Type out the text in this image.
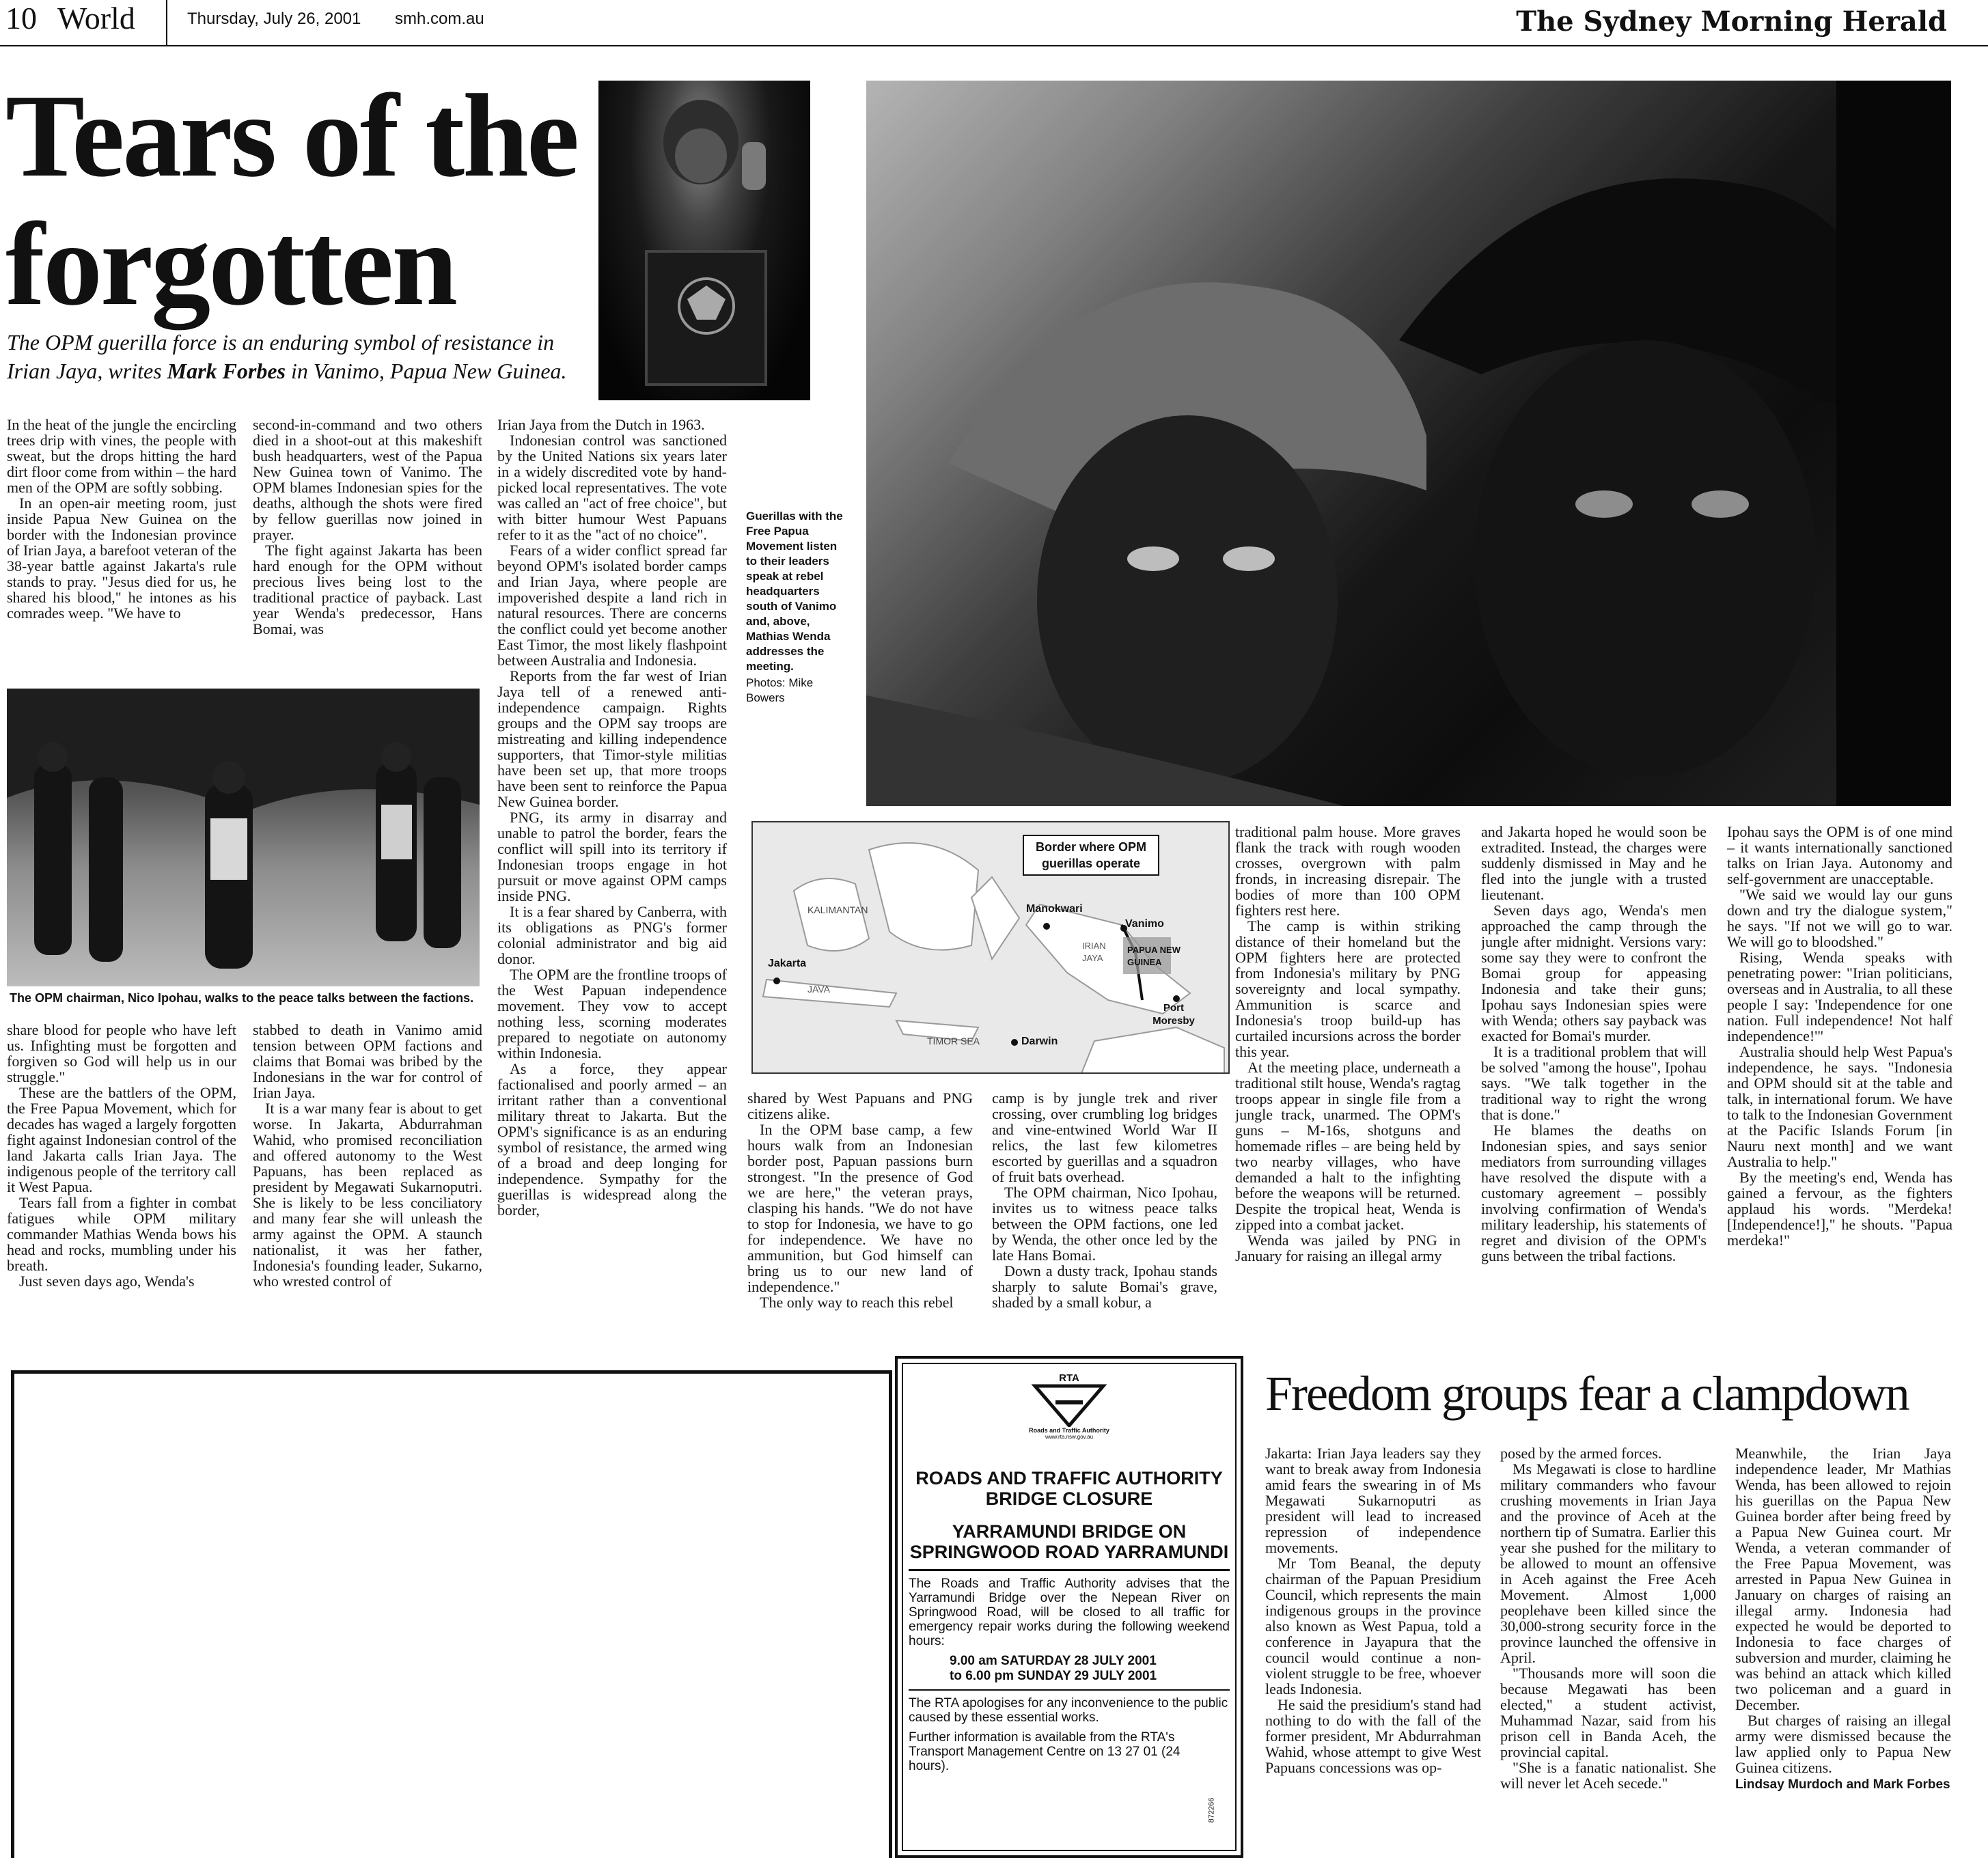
10 World	Thursday, July 26, 2001 smh.com.au	The Sydney Morning Herald
Tears of the
forgotten
The OPM guerilla force is an enduring symbol of resistance in Irian Jaya, writes Mark Forbes in Vanimo, Papua New Guinea.
Guerillas with the Free Papua Movement listen to their leaders speak at rebel headquarters south of Vanimo and, above, Mathias Wenda addresses the meeting.
Photos: Mike Bowers

In the heat of the jungle the encircling trees drip with vines, the people with sweat, but the drops hitting the hard dirt floor come from within – the hard men of the OPM are softly sobbing.

In an open-air meeting room, just inside Papua New Guinea on the border with the Indonesian province of Irian Jaya, a barefoot veteran of the 38-year battle against Jakarta's rule stands to pray. "Jesus died for us, he shared his blood," he intones as his comrades weep. "We have to

second-in-command and two others died in a shoot-out at this makeshift bush headquarters, west of the Papua New Guinea town of Vanimo. The OPM blames Indonesian spies for the deaths, although the shots were fired by fellow guerillas now joined in prayer.

The fight against Jakarta has been hard enough for the OPM without precious lives being lost to the traditional practice of payback. Last year Wenda's predecessor, Hans Bomai, was

Irian Jaya from the Dutch in 1963.

Indonesian control was sanctioned by the United Nations six years later in a widely discredited vote by hand-picked local representatives. The vote was called an "act of free choice", but with bitter humour West Papuans refer to it as the "act of no choice".

Fears of a wider conflict spread far beyond OPM's isolated border camps and Irian Jaya, where people are impoverished despite a land rich in natural resources. There are concerns the conflict could yet become another East Timor, the most likely flashpoint between Australia and Indonesia.

Reports from the far west of Irian Jaya tell of a renewed anti-independence campaign. Rights groups and the OPM say troops are mistreating and killing independence supporters, that Timor-style militias have been set up, that more troops have been sent to reinforce the Papua New Guinea border.

PNG, its army in disarray and unable to patrol the border, fears the conflict will spill into its territory if Indonesian troops engage in hot pursuit or move against OPM camps inside PNG.

It is a fear shared by Canberra, with its obligations as PNG's former colonial administrator and big aid donor.

The OPM are the frontline troops of the West Papuan independence movement. They vow to accept nothing less, scorning moderates prepared to negotiate on autonomy within Indonesia.

As a force, they appear factionalised and poorly armed – an irritant rather than a conventional military threat to Jakarta. But the OPM's significance is as an enduring symbol of resistance, the armed wing of a broad and deep longing for independence. Sympathy for the guerillas is widespread along the border,

The OPM chairman, Nico Ipohau, walks to the peace talks between the factions.

share blood for people who have left us. Infighting must be forgotten and forgiven so God will help us in our struggle."

These are the battlers of the OPM, the Free Papua Movement, which for decades has waged a largely forgotten fight against Indonesian control of the land Jakarta calls Irian Jaya. The indigenous people of the territory call it West Papua.

Tears fall from a fighter in combat fatigues while OPM military commander Mathias Wenda bows his head and rocks, mumbling under his breath.

Just seven days ago, Wenda's

stabbed to death in Vanimo amid tension between OPM factions and claims that Bomai was bribed by the Indonesians in the war for control of Irian Jaya.

It is a war many fear is about to get worse. In Jakarta, Abdurrahman Wahid, who promised reconciliation and offered autonomy to the West Papuans, has been replaced as president by Megawati Sukarnoputri. She is likely to be less conciliatory and many fear she will unleash the army against the OPM. A staunch nationalist, it was her father, Indonesia's founding leader, Sukarno, who wrested control of

Border where OPM guerillas operate
KALIMANTAN
Jakarta
JAVA
TIMOR SEA	Darwin
Manokwari
Vanimo
IRIAN JAYA
PAPUA NEW GUINEA
Port Moresby

shared by West Papuans and PNG citizens alike.

In the OPM base camp, a few hours walk from an Indonesian border post, Papuan passions burn strongest. "In the presence of God we are here," the veteran prays, clasping his hands. "We do not have to stop for Indonesia, we have to go for independence. We have no ammunition, but God himself can bring us to our new land of independence."

The only way to reach this rebel

camp is by jungle trek and river crossing, over crumbling log bridges and vine-entwined World War II relics, the last few kilometres escorted by guerillas and a squadron of fruit bats overhead.

The OPM chairman, Nico Ipohau, invites us to witness peace talks between the OPM factions, one led by Wenda, the other once led by the late Hans Bomai.

Down a dusty track, Ipohau stands sharply to salute Bomai's grave, shaded by a small kobur, a

traditional palm house. More graves flank the track with rough wooden crosses, overgrown with palm fronds, in increasing disrepair. The bodies of more than 100 OPM fighters rest here.

The camp is within striking distance of their homeland but the OPM fighters here are protected from Indonesia's military by PNG sovereignty and local sympathy. Ammunition is scarce and Indonesia's troop build-up has curtailed incursions across the border this year.

At the meeting place, underneath a traditional stilt house, Wenda's ragtag troops appear in single file from a jungle track, unarmed. The OPM's guns – M-16s, shotguns and homemade rifles – are being held by two nearby villages, who have demanded a halt to the infighting before the weapons will be returned. Despite the tropical heat, Wenda is zipped into a combat jacket.

Wenda was jailed by PNG in January for raising an illegal army

and Jakarta hoped he would soon be extradited. Instead, the charges were suddenly dismissed in May and he fled into the jungle with a trusted lieutenant.

Seven days ago, Wenda's men approached the camp through the jungle after midnight. Versions vary: some say they were to confront the Bomai group for appeasing Indonesia and take their guns; Ipohau says Indonesian spies were with Wenda; others say payback was exacted for Bomai's murder.

It is a traditional problem that will be solved "among the house", Ipohau says. "We talk together in the traditional way to right the wrong that is done."

He blames the deaths on Indonesian spies, and says senior mediators from surrounding villages have resolved the dispute with a customary agreement – possibly involving confirmation of Wenda's military leadership, his statements of regret and division of the OPM's guns between the tribal factions.

Ipohau says the OPM is of one mind – it wants internationally sanctioned talks on Irian Jaya. Autonomy and self-government are unacceptable.

"We said we would lay our guns down and try the dialogue system," he says. "If not we will go to war. We will go to bloodshed."

Rising, Wenda speaks with penetrating power: "Irian politicians, overseas and in Australia, to all these people I say: 'Independence for one nation. Full independence! Not half independence!'"

Australia should help West Papua's independence, he says. "Indonesia and OPM should sit at the table and talk, in international forum. We have to talk to the Indonesian Government at the Pacific Islands Forum [in Nauru next month] and we want Australia to help."

By the meeting's end, Wenda has gained a fervour, as the fighters applaud his words. "Merdeka! [Independence!]," he shouts. "Papua merdeka!"

RTA
Roads and Traffic Authority
www.rta.nsw.gov.au
ROADS AND TRAFFIC AUTHORITY BRIDGE CLOSURE
YARRAMUNDI BRIDGE ON SPRINGWOOD ROAD YARRAMUNDI
The Roads and Traffic Authority advises that the Yarramundi Bridge over the Nepean River on Springwood Road, will be closed to all traffic for emergency repair works during the following weekend hours:
9.00 am SATURDAY 28 JULY 2001
to 6.00 pm SUNDAY 29 JULY 2001
The RTA apologises for any inconvenience to the public caused by these essential works.
Further information is available from the RTA's Transport Management Centre on 13 27 01 (24 hours).
872266
Freedom groups fear a clampdown

Jakarta: Irian Jaya leaders say they want to break away from Indonesia amid fears the swearing in of Ms Megawati Sukarnoputri as president will lead to increased repression of independence movements.

Mr Tom Beanal, the deputy chairman of the Papuan Presidium Council, which represents the main indigenous groups in the province also known as West Papua, told a conference in Jayapura that the council would continue a non-violent struggle to be free, whoever leads Indonesia.

He said the presidium's stand had nothing to do with the fall of the former president, Mr Abdurrahman Wahid, whose attempt to give West Papuans concessions was op-

posed by the armed forces.

Ms Megawati is close to hardline military commanders who favour crushing movements in Irian Jaya and the province of Aceh at the northern tip of Sumatra. Earlier this year she pushed for the military to be allowed to mount an offensive in Aceh against the Free Aceh Movement. Almost 1,000 peoplehave been killed since the 30,000-strong security force in the province launched the offensive in April.

"Thousands more will soon die because Megawati has been elected," a student activist, Muhammad Nazar, said from his prison cell in Banda Aceh, the provincial capital.

"She is a fanatic nationalist. She will never let Aceh secede."

Meanwhile, the Irian Jaya independence leader, Mr Mathias Wenda, has been allowed to rejoin his guerillas on the Papua New Guinea border after being freed by a Papua New Guinea court. Mr Wenda, a veteran commander of the Free Papua Movement, was arrested in Papua New Guinea in January on charges of raising an illegal army. Indonesia had expected he would be deported to Indonesia to face charges of subversion and murder, claiming he was behind an attack which killed two policeman and a guard in December.

But charges of raising an illegal army were dismissed because the law applied only to Papua New Guinea citizens.

Lindsay Murdoch and Mark Forbes
